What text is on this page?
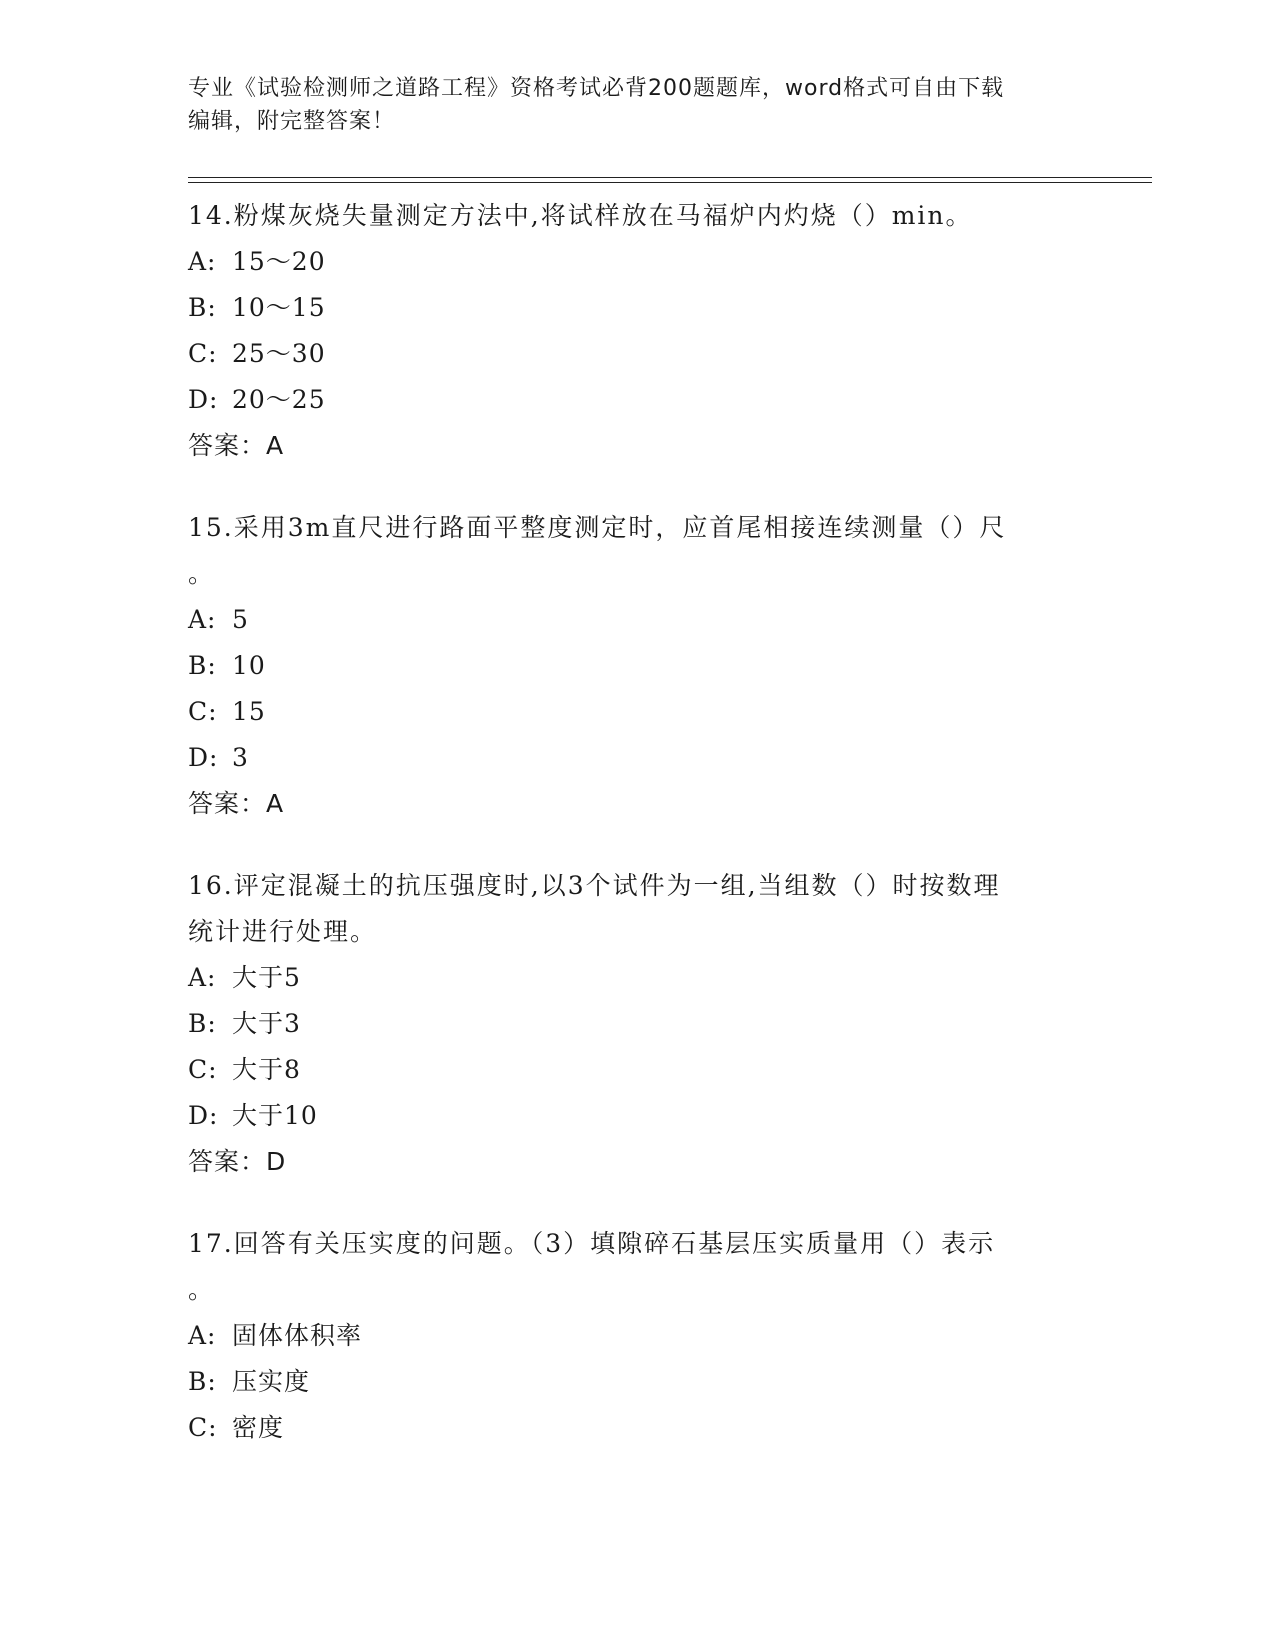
专业《试验检测师之道路工程》资格考试必背200题题库，word格式可自由下载
编辑，附完整答案！

14.粉煤灰烧失量测定方法中,将试样放在马福炉内灼烧（）min。

A: 15～20

B: 10～15

C: 25～30

D: 20～25

答案：A

15.采用3m直尺进行路面平整度测定时，应首尾相接连续测量（）尺
。

A: 5

B: 10

C: 15

D: 3

答案：A

16.评定混凝土的抗压强度时,以3个试件为一组,当组数（）时按数理
统计进行处理。

A: 大于5

B: 大于3

C: 大于8

D: 大于10

答案：D

17.回答有关压实度的问题。（3）填隙碎石基层压实质量用（）表示
。

A: 固体体积率

B: 压实度

C: 密度
